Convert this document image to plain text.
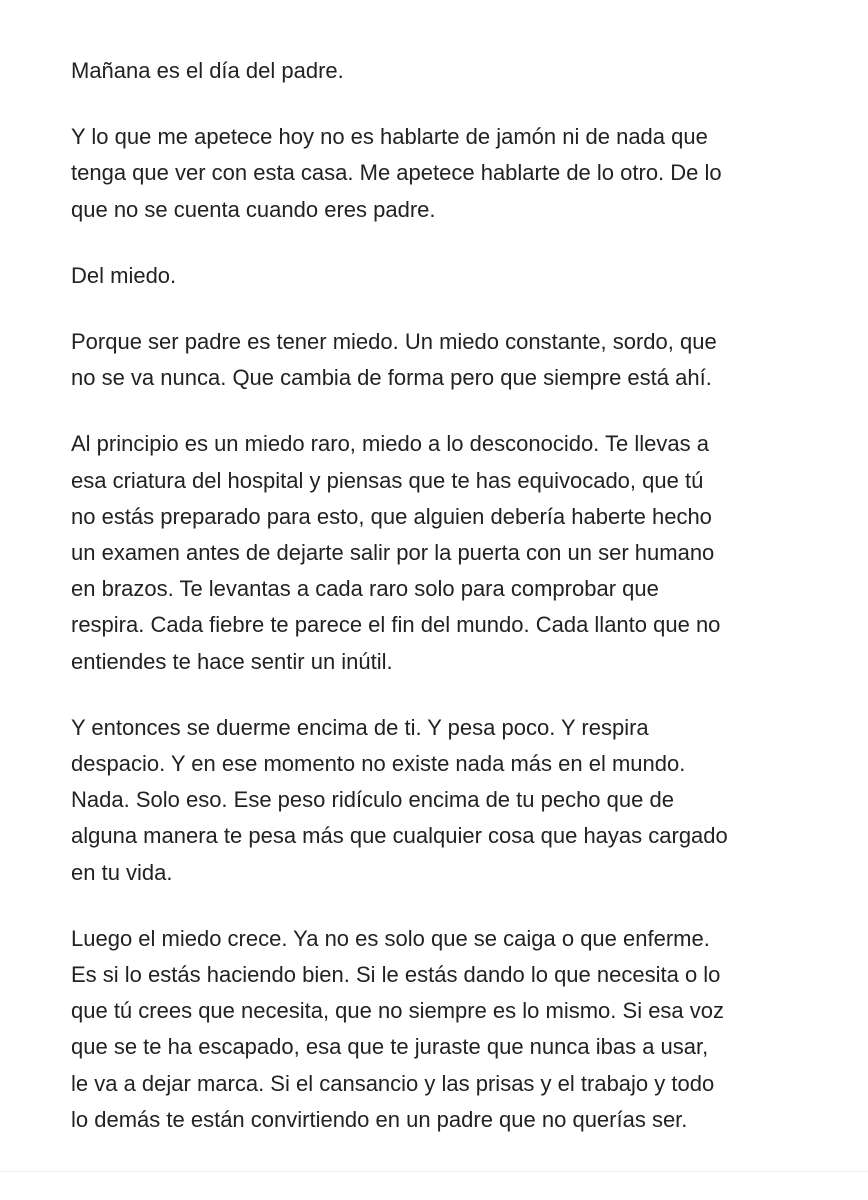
Mañana es el día del padre.

Y lo que me apetece hoy no es hablarte de jamón ni de nada que
tenga que ver con esta casa. Me apetece hablarte de lo otro. De lo
que no se cuenta cuando eres padre.

Del miedo.

Porque ser padre es tener miedo. Un miedo constante, sordo, que
no se va nunca. Que cambia de forma pero que siempre está ahí.

Al principio es un miedo raro, miedo a lo desconocido. Te llevas a
esa criatura del hospital y piensas que te has equivocado, que tú
no estás preparado para esto, que alguien debería haberte hecho
un examen antes de dejarte salir por la puerta con un ser humano
en brazos. Te levantas a cada raro solo para comprobar que
respira. Cada fiebre te parece el fin del mundo. Cada llanto que no
entiendes te hace sentir un inútil.

Y entonces se duerme encima de ti. Y pesa poco. Y respira
despacio. Y en ese momento no existe nada más en el mundo.
Nada. Solo eso. Ese peso ridículo encima de tu pecho que de
alguna manera te pesa más que cualquier cosa que hayas cargado
en tu vida.

Luego el miedo crece. Ya no es solo que se caiga o que enferme.
Es si lo estás haciendo bien. Si le estás dando lo que necesita o lo
que tú crees que necesita, que no siempre es lo mismo. Si esa voz
que se te ha escapado, esa que te juraste que nunca ibas a usar,
le va a dejar marca. Si el cansancio y las prisas y el trabajo y todo
lo demás te están convirtiendo en un padre que no querías ser.
